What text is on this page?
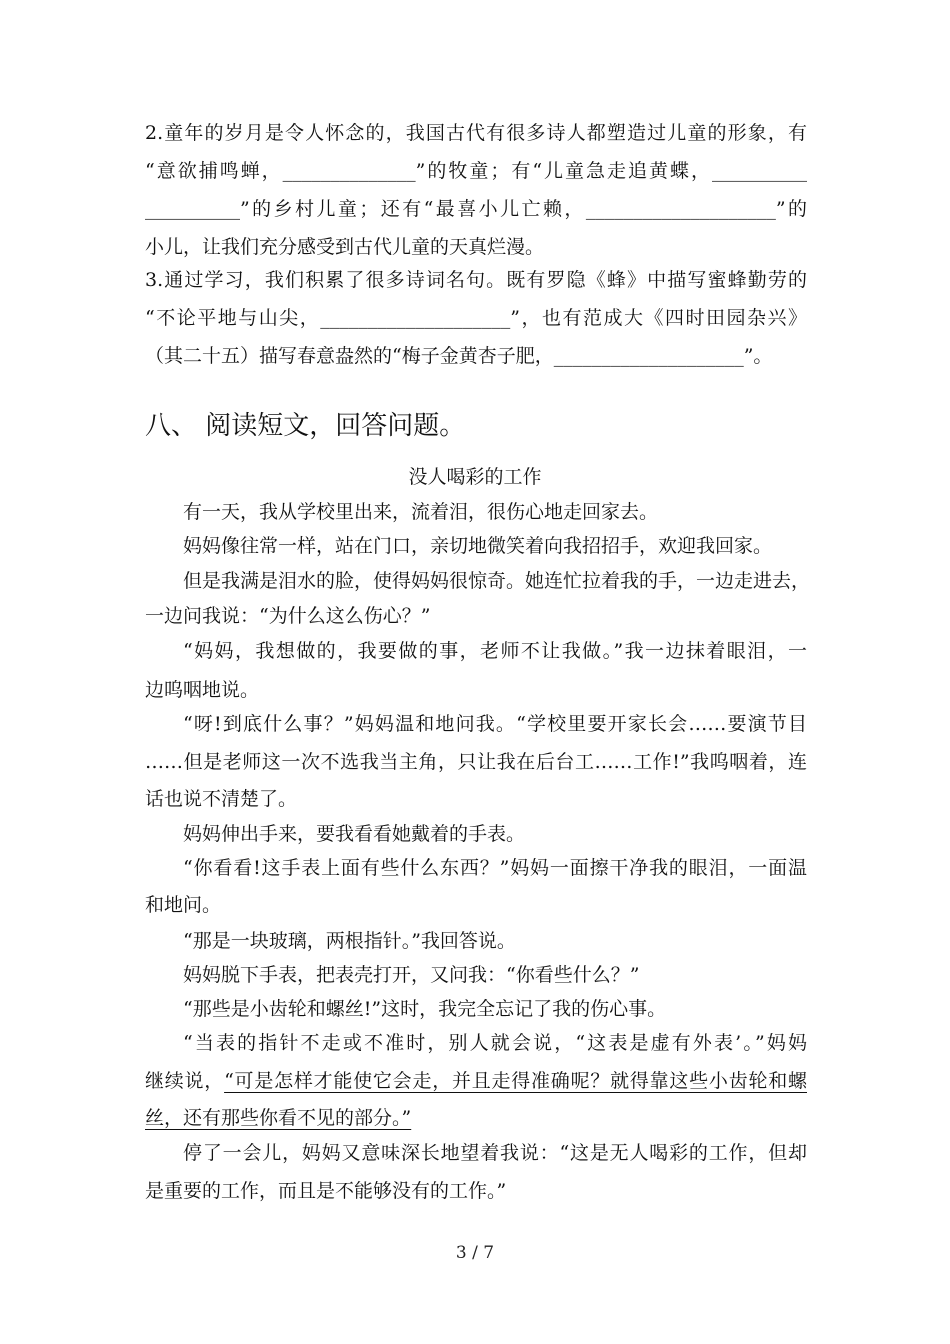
2.童年的岁月是令人怀念的，我国古代有很多诗人都塑造过儿童的形象，有
“意欲捕鸣蝉，______________”的牧童；有“儿童急走追黄蝶，__________
__________”的乡村儿童；还有“最喜小儿亡赖，____________________”的
小儿，让我们充分感受到古代儿童的天真烂漫。
3.通过学习，我们积累了很多诗词名句。既有罗隐《蜂》中描写蜜蜂勤劳的
“不论平地与山尖，____________________”，也有范成大《四时田园杂兴》
（其二十五）描写春意盎然的“梅子金黄杏子肥，____________________”。
八、 阅读短文，回答问题。
没人喝彩的工作
有一天，我从学校里出来，流着泪，很伤心地走回家去。
妈妈像往常一样，站在门口，亲切地微笑着向我招招手，欢迎我回家。
但是我满是泪水的脸，使得妈妈很惊奇。她连忙拉着我的手，一边走进去，
一边问我说：“为什么这么伤心？”
“妈妈，我想做的，我要做的事，老师不让我做。”我一边抹着眼泪，一
边呜咽地说。
“呀!到底什么事？”妈妈温和地问我。“学校里要开家长会……要演节目
……但是老师这一次不选我当主角，只让我在后台工……工作!”我呜咽着，连
话也说不清楚了。
妈妈伸出手来，要我看看她戴着的手表。
“你看看!这手表上面有些什么东西？”妈妈一面擦干净我的眼泪，一面温
和地问。
“那是一块玻璃，两根指针。”我回答说。
妈妈脱下手表，把表壳打开，又问我：“你看些什么？”
“那些是小齿轮和螺丝!”这时，我完全忘记了我的伤心事。
“当表的指针不走或不准时，别人就会说，“这表是虚有外表’。”妈妈
继续说，“可是怎样才能使它会走，并且走得准确呢？就得靠这些小齿轮和螺
丝，还有那些你看不见的部分。”
停了一会儿，妈妈又意味深长地望着我说：“这是无人喝彩的工作，但却
是重要的工作，而且是不能够没有的工作。”
3 / 7
